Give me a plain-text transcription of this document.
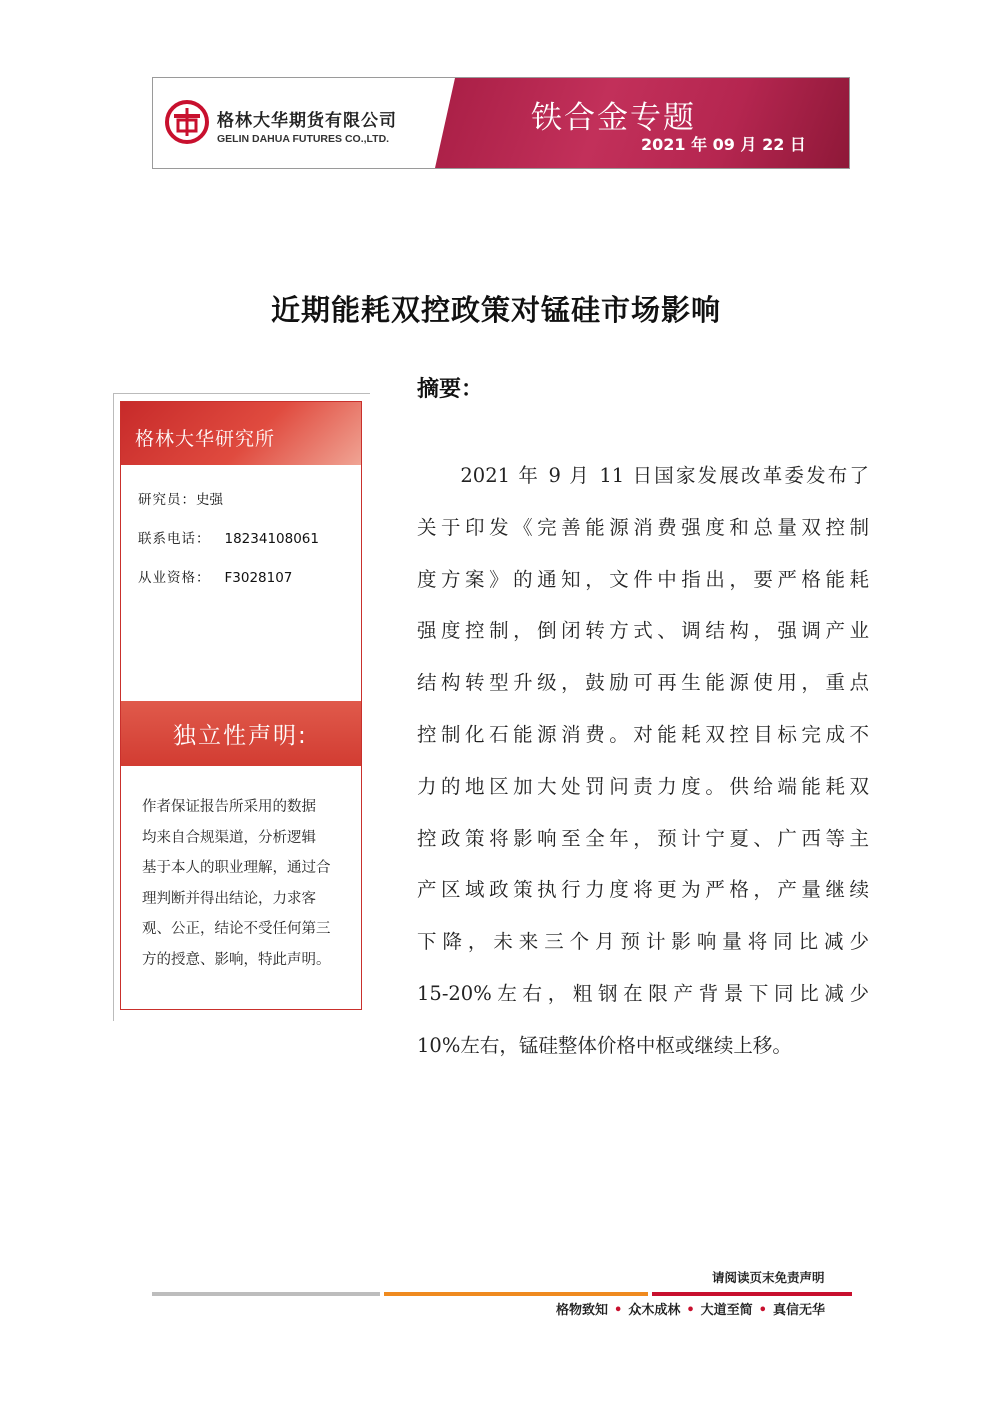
格林大华期货有限公司
GELIN DAHUA FUTURES CO.,LTD.
铁合金专题
2021 年 09 月 22 日
近期能耗双控政策对锰硅市场影响
格林大华研究所
研究员：史强
联系电话： 18234108061
从业资格： F3028107
独立性声明:
作者保证报告所采用的数据
均来自合规渠道，分析逻辑
基于本人的职业理解，通过合
理判断并得出结论，力求客
观、公正，结论不受任何第三
方的授意、影响，特此声明。
摘要：
　　2021 年 9 月 11 日国家发展改革委发布了
关于印发《完善能源消费强度和总量双控制
度方案》的通知，文件中指出，要严格能耗
强度控制，倒闭转方式、调结构，强调产业
结构转型升级，鼓励可再生能源使用，重点
控制化石能源消费。对能耗双控目标完成不
力的地区加大处罚问责力度。供给端能耗双
控政策将影响至全年，预计宁夏、广西等主
产区域政策执行力度将更为严格，产量继续
下降，未来三个月预计影响量将同比减少
15-20%左右，粗钢在限产背景下同比减少
10%左右，锰硅整体价格中枢或继续上移。
请阅读页末免责声明
格物致知 • 众木成林 • 大道至简 • 真信无华
